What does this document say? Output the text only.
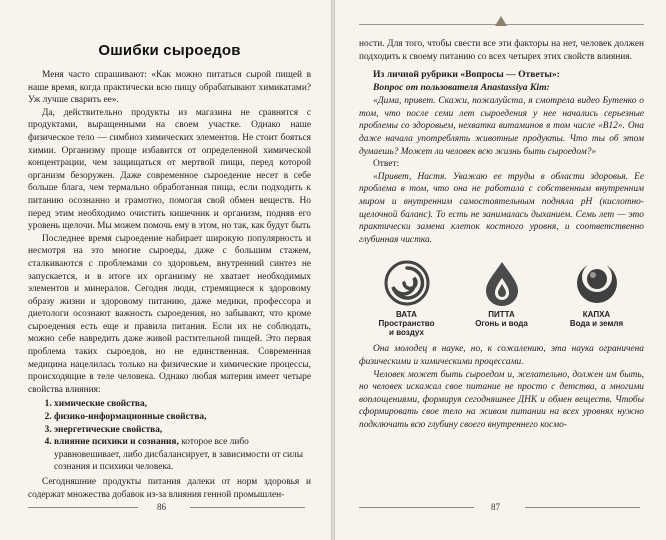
Ошибки сыроедов

Меня часто спрашивают: «Как можно питаться сырой пищей в наше время, когда практически всю пищу обрабатывают химикатами? Уж лучше сварить ее».

Да, действительно продукты из магазина не сравнятся с продуктами, выращенными на своем участке. Однако наше физическое тело — симбиоз химических элементов. Не стоит бояться химии. Организму проще избавится от определенной химической концентрации, чем защищаться от мертвой пищи, перед которой организм безоружен. Даже современное сыроедение несет в себе больше блага, чем термально обработанная пища, если подходить к питанию осознанно и грамотно, помогая свой обмен веществ. Но перед этим необходимо очистить кишечник и организм, подняв его уровень щелочи. Мы можем помочь ему в этом, но так, как будут быть

Последнее время сыроедение набирает широкую популярность и несмотря на это многие сыроеды, даже с большим стажем, сталкиваются с проблемами со здоровьем, внутренний синтез не запускается, и в итоге их организму не хватает необходимых элементов и минералов. Сегодня люди, стремящиеся к здоровому образу жизни и здоровому питанию, даже медики, профессора и диетологи осознают важность сыроедения, но забывают, что кроме сыроедения есть еще и правила питания. Если их не соблюдать, можно себе навредить даже живой растительной пищей. Это первая проблема таких сыроедов, но не единственная. Современная медицина нацелилась только на физические и химические процессы, происходящие в теле человека. Однако любая материя имеет четыре свойства влияния:

1. химические свойства,
2. физико-информационные свойства,
3. энергетические свойства,
4. влияние психики и сознания, которое все либо уравновешивает, либо дисбалансирует, в зависимости от силы сознания и психики человека.

Сегодняшние продукты питания далеки от норм здоровья и содержат множества добавок из-за влияния генной промышлен-

86

ности. Для того, чтобы свести все эти факторы на нет, человек должен подходить к своему питанию со всех четырех этих свойств влияния.

Из личной рубрики «Вопросы — Ответы»:
Вопрос от пользователя Anastassiya Kim:

«Дима, привет. Скажи, пожалуйста, я смотрела видео Бутенко о том, что после семи лет сыроедения у нее начались серьезные проблемы со здоровьем, нехватка витаминов в том числе «В12». Она даже начала употреблять животные продукты. Что ты об этом думаешь? Может ли человек всю жизнь быть сыроедом?»

Ответ:

«Привет, Настя. Уважаю ее труды в области здоровья. Ее проблема в том, что она не работала с собственным внутренним миром и внутренним самостоятельным подняла pH (кислотно-щелочной баланс). То есть не занималась дыханием. Семь лет — это практически замена клеток костного уровня, и соответственно глубинная чистка.

ВАТА
Пространство
и воздух
ПИТТА
Огонь и вода
КАПХА
Вода и земля

Она молодец в науке, но, к сожалению, эта наука ограничена физическими и химическими процессами.

Человек может быть сыроедом и, желательно, должен им быть, но человек искажал свое питание не просто с детства, а многими воплощениями, формируя сегодняшнее ДНК и обмен веществ. Чтобы сформировать свое тело на живом питании на всех уровнях нужно подключать всю глубину своего внутреннего космо-

87
